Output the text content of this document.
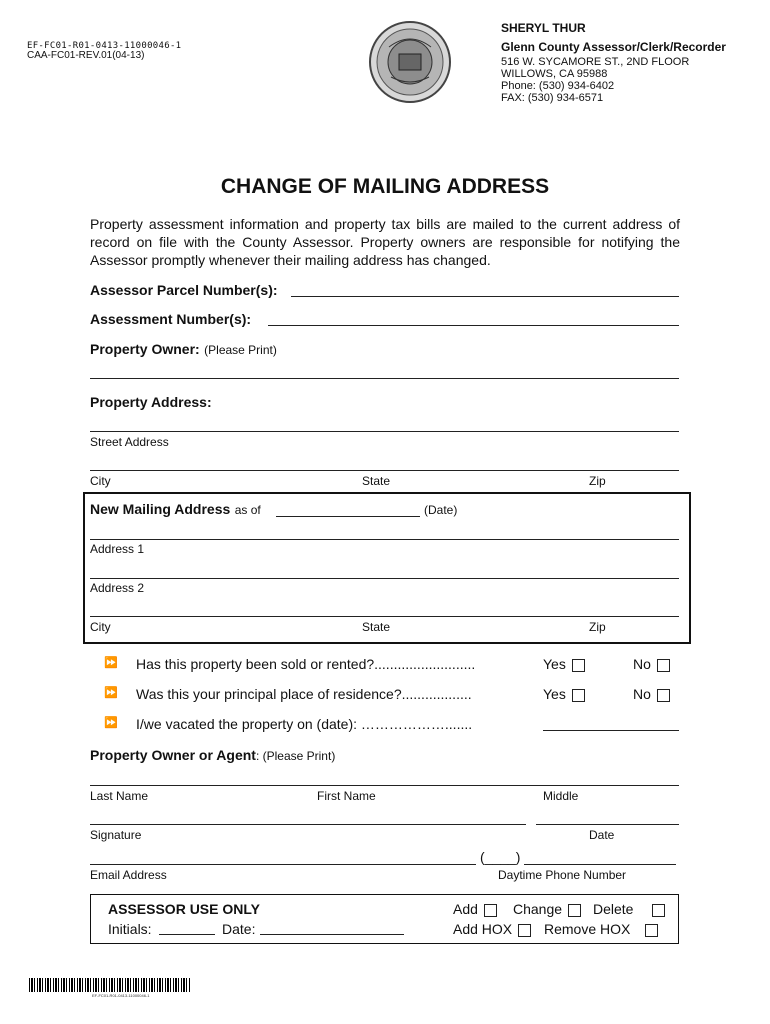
EF-FC01-R01-0413-11000046-1
CAA-FC01-REV.01(04-13)
SHERYL THUR
Glenn County Assessor/Clerk/Recorder
516 W. SYCAMORE ST., 2ND FLOOR
WILLOWS, CA 95988
Phone: (530) 934-6402
FAX: (530) 934-6571
CHANGE OF MAILING ADDRESS
Property assessment information and property tax bills are mailed to the current address of record on file with the County Assessor. Property owners are responsible for notifying the Assessor promptly whenever their mailing address has changed.
Assessor Parcel Number(s):
Assessment Number(s):
Property Owner: (Please Print)
Property Address:
Street Address
City	State	Zip
New Mailing Address as of	(Date)
Address 1
Address 2
City	State	Zip
⏩ Has this property been sold or rented?..........................	Yes	No
⏩ Was this your principal place of residence?..................	Yes	No
⏩ I/we vacated the property on (date): ……………….......
Property Owner or Agent: (Please Print)
Last Name	First Name	Middle
Signature	Date
(____)
Email Address	Daytime Phone Number
ASSESSOR USE ONLY
Initials:	Date:
Add	Change	Delete
Add HOX	Remove HOX
EF-FC01-R01-0413-11000046-1
